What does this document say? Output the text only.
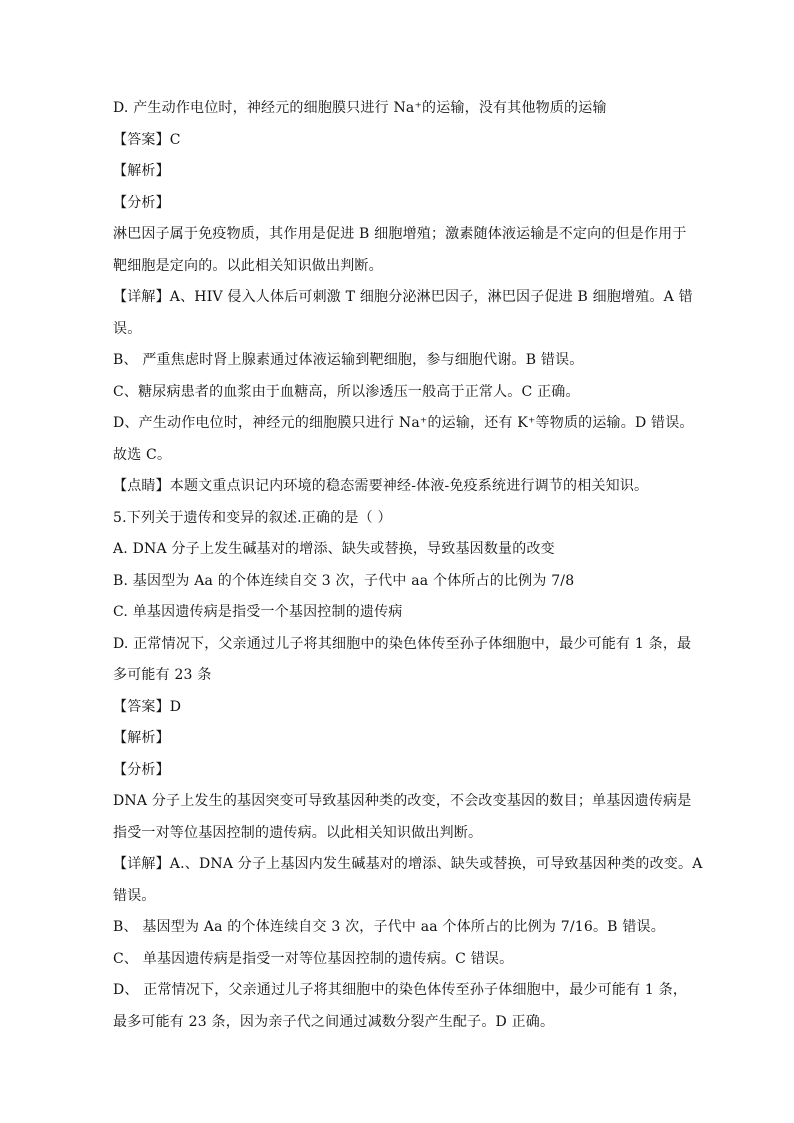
D. 产生动作电位时，神经元的细胞膜只进行 Na⁺的运输，没有其他物质的运输
【答案】C
【解析】
【分析】
淋巴因子属于免疫物质，其作用是促进 B 细胞增殖；激素随体液运输是不定向的但是作用于
靶细胞是定向的。以此相关知识做出判断。
【详解】A、HIV 侵入人体后可刺激 T 细胞分泌淋巴因子，淋巴因子促进 B 细胞增殖。A 错
误。
B、 严重焦虑时肾上腺素通过体液运输到靶细胞，参与细胞代谢。B 错误。
C、糖尿病患者的血浆由于血糖高，所以渗透压一般高于正常人。C 正确。
D、产生动作电位时，神经元的细胞膜只进行 Na⁺的运输，还有 K⁺等物质的运输。D 错误。
故选 C。
【点睛】本题文重点识记内环境的稳态需要神经-体液-免疫系统进行调节的相关知识。
5.下列关于遗传和变异的叙述.正确的是（ ）
A. DNA 分子上发生碱基对的增添、缺失或替换，导致基因数量的改变
B. 基因型为 Aa 的个体连续自交 3 次，子代中 aa 个体所占的比例为 7/8
C. 单基因遗传病是指受一个基因控制的遗传病
D. 正常情况下，父亲通过儿子将其细胞中的染色体传至孙子体细胞中，最少可能有 1 条，最
多可能有 23 条
【答案】D
【解析】
【分析】
DNA 分子上发生的基因突变可导致基因种类的改变，不会改变基因的数目；单基因遗传病是
指受一对等位基因控制的遗传病。以此相关知识做出判断。
【详解】A.、DNA 分子上基因内发生碱基对的增添、缺失或替换，可导致基因种类的改变。A
错误。
B、 基因型为 Aa 的个体连续自交 3 次，子代中 aa 个体所占的比例为 7/16。B 错误。
C、 单基因遗传病是指受一对等位基因控制的遗传病。C 错误。
D、 正常情况下，父亲通过儿子将其细胞中的染色体传至孙子体细胞中，最少可能有 1 条，
最多可能有 23 条，因为亲子代之间通过减数分裂产生配子。D 正确。
